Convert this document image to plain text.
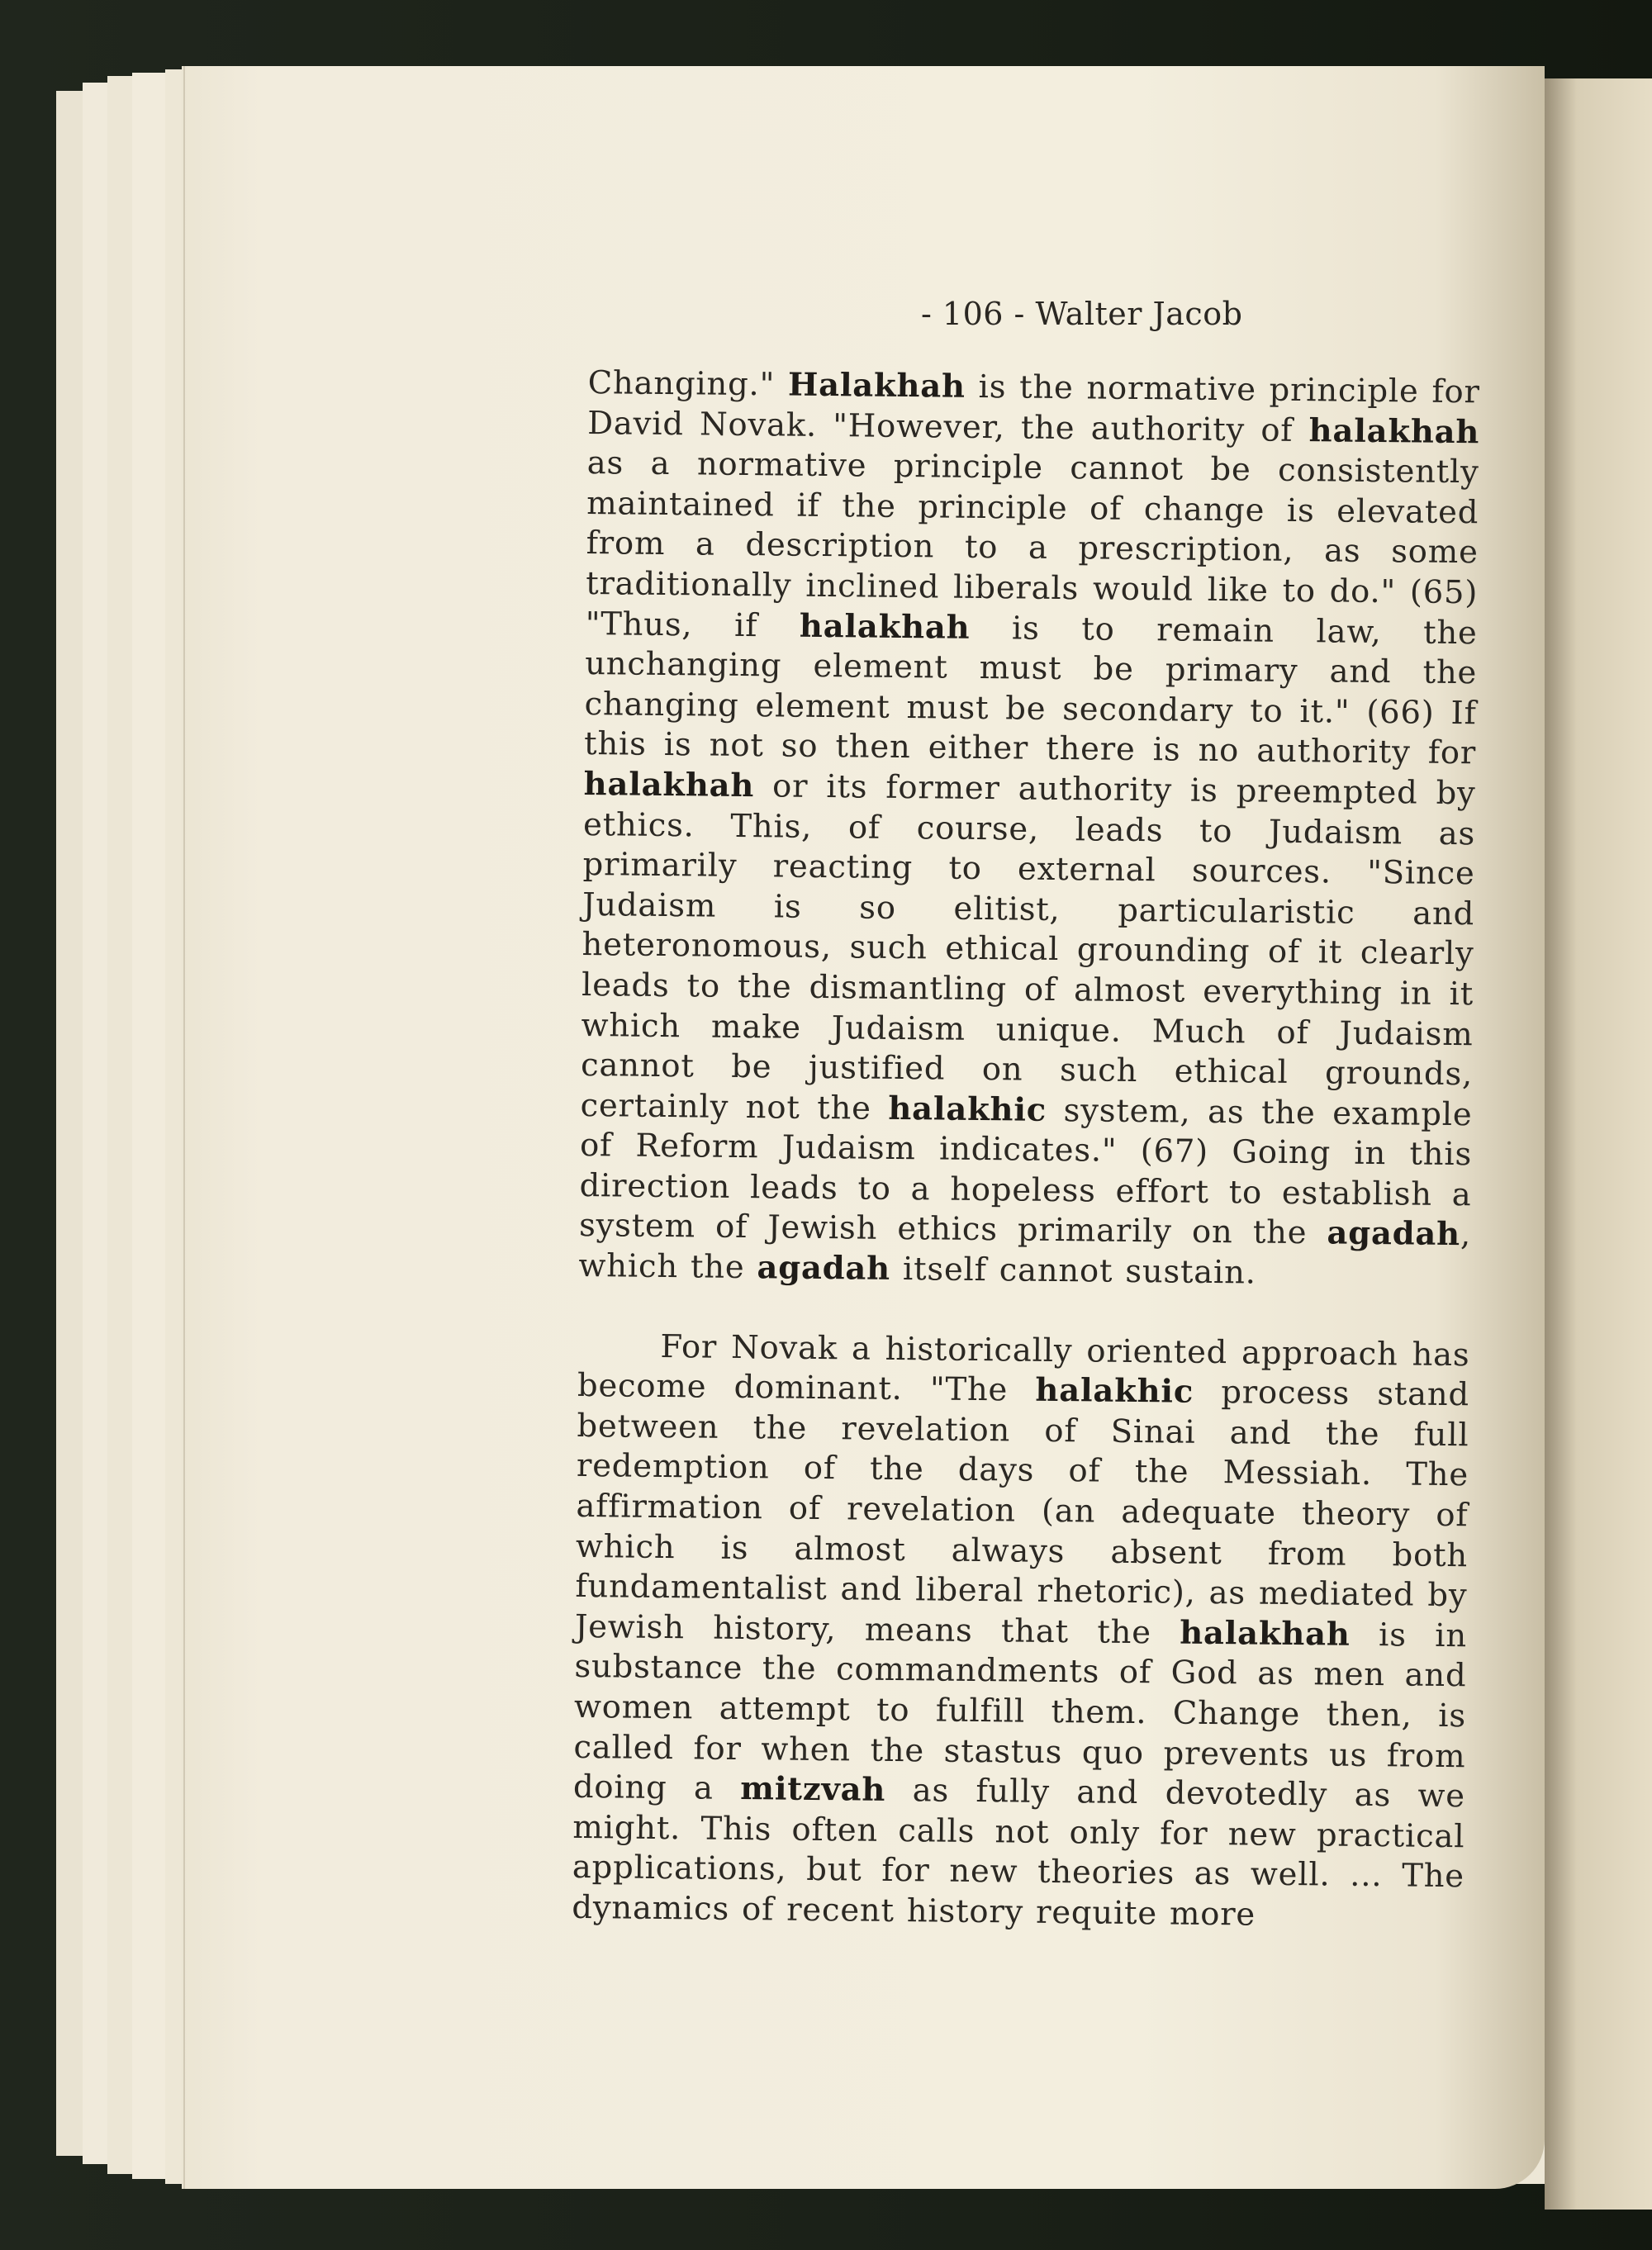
- 106 - Walter Jacob

Changing." Halakhah is the normative principle for David Novak. "However, the authority of halakhah as a normative principle cannot be consistently maintained if the principle of change is elevated from a description to a prescription, as some traditionally inclined liberals would like to do." (65) "Thus, if halakhah is to remain law, the unchanging element must be primary and the changing element must be secondary to it." (66) If this is not so then either there is no authority for halakhah or its former authority is preempted by ethics. This, of course, leads to Judaism as primarily reacting to external sources. "Since Judaism is so elitist, particularistic and heteronomous, such ethical grounding of it clearly leads to the dismantling of almost everything in it which make Judaism unique. Much of Judaism cannot be justified on such ethical grounds, certainly not the halakhic system, as the example of Reform Judaism indicates." (67) Going in this direction leads to a hopeless effort to establish a system of Jewish ethics primarily on the agadah, which the agadah itself cannot sustain.

For Novak a historically oriented approach has become dominant. "The halakhic process stand between the revelation of Sinai and the full redemption of the days of the Messiah. The affirmation of revelation (an adequate theory of which is almost always absent from both fundamentalist and liberal rhetoric), as mediated by Jewish history, means that the halakhah is in substance the commandments of God as men and women attempt to fulfill them. Change then, is called for when the stastus quo prevents us from doing a mitzvah as fully and devotedly as we might. This often calls not only for new practical applications, but for new theories as well. ... The dynamics of recent history requite more
